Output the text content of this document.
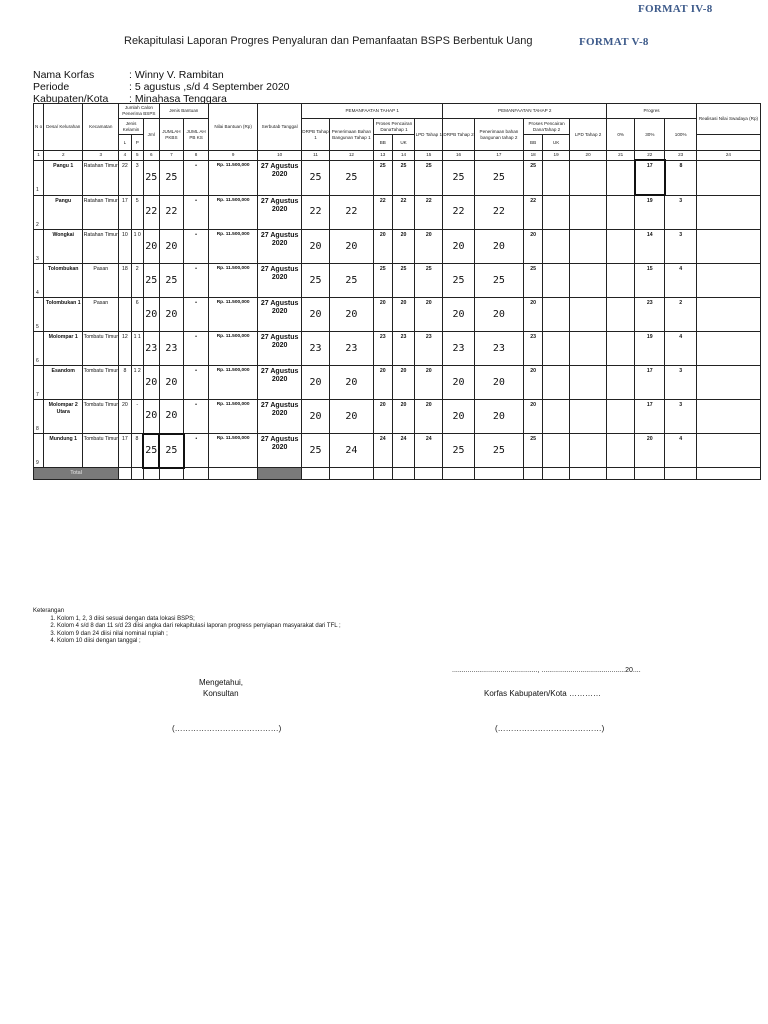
FORMAT IV-8
Rekapitulasi Laporan Progres Penyaluran dan Pemanfaatan BSPS Berbentuk Uang	FORMAT V-8
Nama Korfas	: Winny V. Rambitan
Periode	: 5 agustus ,s/d 4 September 2020
Kabupaten/Kota : Minahasa Tenggara
N o	Desa/ Kelurahan	Kecamatan	Jumlah Calon Penerima BSPS			Jenis Bantuan		Nilai Bantuan (Rp)	Serbutab Tanggal	PEMANFAATAN TAHAP 1					PEMANFAATAN TAHAP 2					Progres			Realisasi Nilai Swadaya (Rp)
			Jenis Kelamin		Jml	JUMLAH PKBS	JUML AH PB KS			DRPB Tahap 1	Penerimaan Bahan Bangunan Tahap 1	Proses Pencairan DanaTahap 1		LPD Tahap 1	DRPB Tahap 2	Penerimaan bahan bangunan tahap 2	Proses Pencairan DanaTahap 2		LPD Tahap 2	0%	30%	100%	
			L	P								BB	UK				BB	UK					
1	2	3	4	5	6	7	8	9	10	11	12	13	14	15	16	17	18	19	20	21	22	23	24
1	Pangu 1	Ratahan Timur	22	3	25	25	•	Rp. 11.500,000	27 Agustus 2020	25	25	25	25	25	25	25	25				17	8	
2	Pangu	Ratahan Timur	17	5	22	22	•	Rp. 11.500,000	27 Agustus 2020	22	22	22	22	22	22	22	22				19	3	
3	Wongkai	Ratahan Timur	10	1 0	20	20	•	Rp. 11.500,000	27 Agustus 2020	20	20	20	20	20	20	20	20				14	3	
4	Tolombukan	Pasan	18	2	25	25	•	Rp. 11.500,000	27 Agustus 2020	25	25	25	25	25	25	25	25				15	4	
5	Tolombukan 1	Pasan		6	20	20	•	Rp. 11.500,000	27 Agustus 2020	20	20	20	20	20	20	20	20				23	2	
6	Molompar 1	Tombatu Timur	12	1 1	23	23	•	Rp. 11.500,000	27 Agustus 2020	23	23	23	23	23	23	23	23				19	4	
7	Esandom	Tombatu Timur	8	1 2	20	20	•	Rp. 11.500,000	27 Agustus 2020	20	20	20	20	20	20	20	20				17	3	
8	Molompar 2 Utara	Tombatu Timur	20	-	20	20	•	Rp. 11.500,000	27 Agustus 2020	20	20	20	20	20	20	20	20				17	3	
9	Mundung 1	Tombatu Timur	17	8	25	25	•	Rp. 11.500,000	27 Agustus 2020	25	24	24	24	24	25	25	25				20	4	
Total																							
Keterangan
1. Kolom 1, 2, 3 diisi sesuai dengan data lokasi BSPS;
2. Kolom 4 s/d 8 dan 11 s/d 23 diisi angka dari rekapitulasi laporan progress penyiapan masyarakat dari TFL ;
3. Kolom 9 dan 24 diisi nilai nominal rupiah ;
4. Kolom 10 diisi dengan tanggal ;
............................................, ...........................................20....
Mengetahui,
Konsultan	Korfas Kabupaten/Kota …………
(…………………………………)	(…………………………………)
